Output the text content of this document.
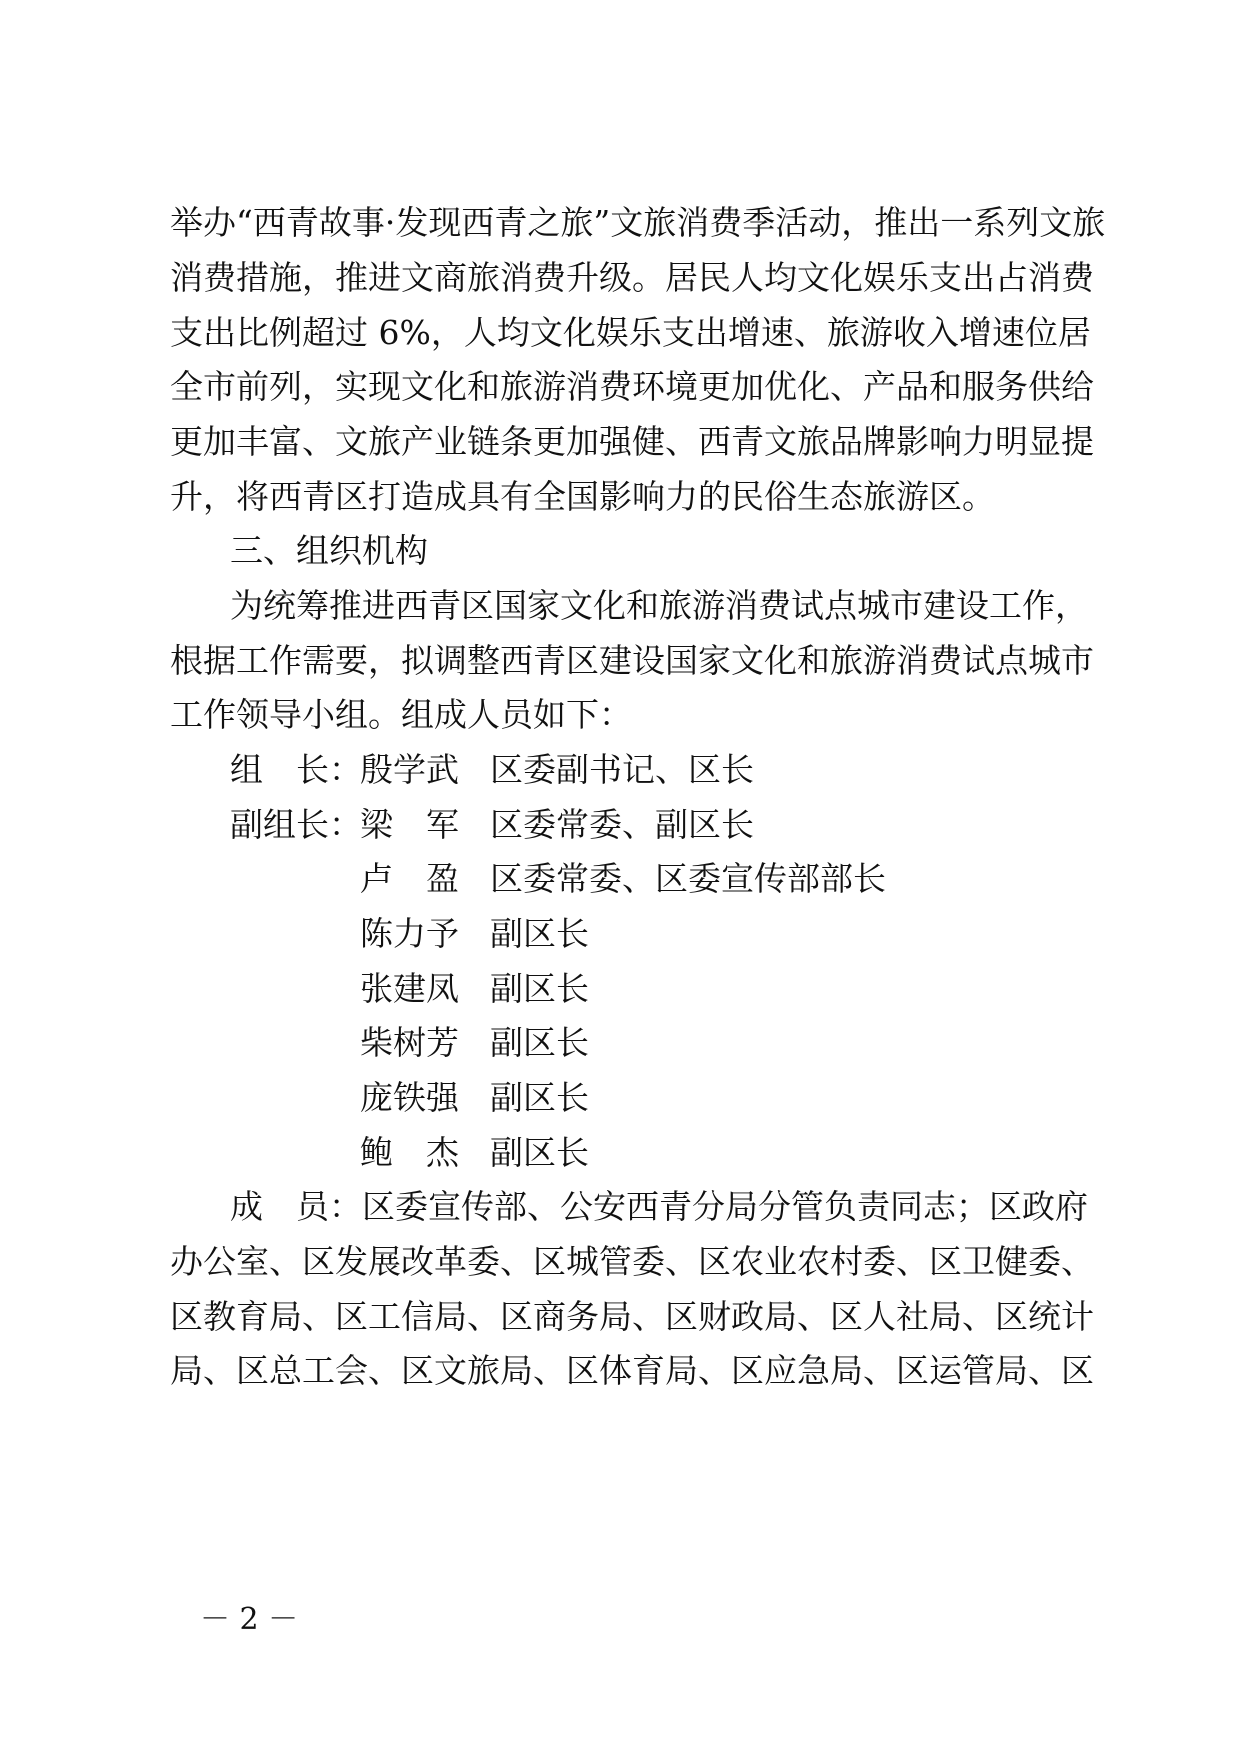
举办“西青故事·发现西青之旅”文旅消费季活动，推出一系列文旅
消费措施，推进文商旅消费升级。居民人均文化娱乐支出占消费
支出比例超过 6%，人均文化娱乐支出增速、旅游收入增速位居
全市前列，实现文化和旅游消费环境更加优化、产品和服务供给
更加丰富、文旅产业链条更加强健、西青文旅品牌影响力明显提
升，将西青区打造成具有全国影响力的民俗生态旅游区。
三、组织机构
为统筹推进西青区国家文化和旅游消费试点城市建设工作，
根据工作需要，拟调整西青区建设国家文化和旅游消费试点城市
工作领导小组。组成人员如下：
组　长：
殷学武 区委副书记、区长
副组长：
梁　军 区委常委、副区长
卢　盈 区委常委、区委宣传部部长
陈力予 副区长
张建凤 副区长
柴树芳 副区长
庞铁强 副区长
鲍　杰 副区长
成　员：区委宣传部、公安西青分局分管负责同志；区政府
办公室、区发展改革委、区城管委、区农业农村委、区卫健委、
区教育局、区工信局、区商务局、区财政局、区人社局、区统计
局、区总工会、区文旅局、区体育局、区应急局、区运管局、区
－ 2 －
